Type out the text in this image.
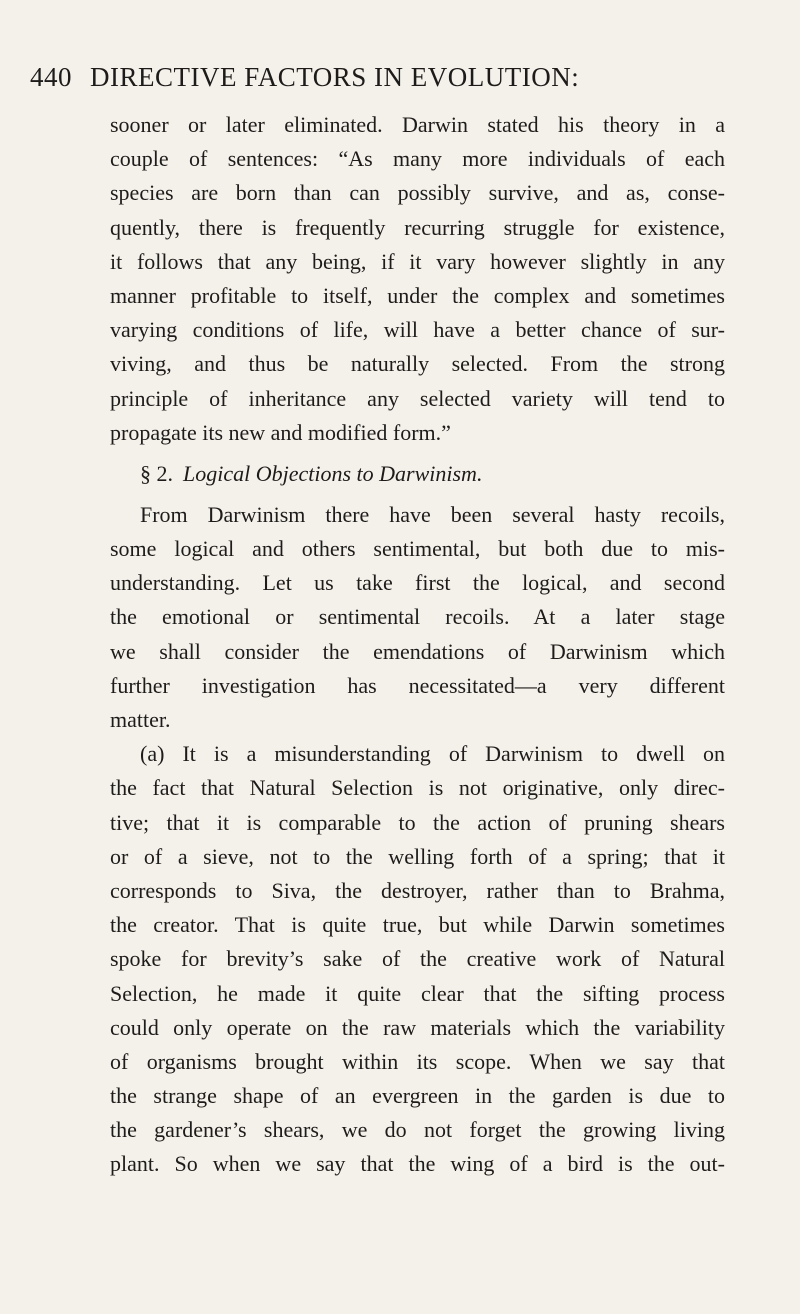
440 DIRECTIVE FACTORS IN EVOLUTION:
sooner or later eliminated. Darwin stated his theory in a
couple of sentences: “As many more individuals of each
species are born than can possibly survive, and as, conse-
quently, there is frequently recurring struggle for existence,
it follows that any being, if it vary however slightly in any
manner profitable to itself, under the complex and sometimes
varying conditions of life, will have a better chance of sur-
viving, and thus be naturally selected. From the strong
principle of inheritance any selected variety will tend to
propagate its new and modified form.”
§ 2. Logical Objections to Darwinism.
From Darwinism there have been several hasty recoils,
some logical and others sentimental, but both due to mis-
understanding. Let us take first the logical, and second
the emotional or sentimental recoils. At a later stage
we shall consider the emendations of Darwinism which
further investigation has necessitated—a very different
matter.
(a) It is a misunderstanding of Darwinism to dwell on
the fact that Natural Selection is not originative, only direc-
tive; that it is comparable to the action of pruning shears
or of a sieve, not to the welling forth of a spring; that it
corresponds to Siva, the destroyer, rather than to Brahma,
the creator. That is quite true, but while Darwin sometimes
spoke for brevity’s sake of the creative work of Natural
Selection, he made it quite clear that the sifting process
could only operate on the raw materials which the variability
of organisms brought within its scope. When we say that
the strange shape of an evergreen in the garden is due to
the gardener’s shears, we do not forget the growing living
plant. So when we say that the wing of a bird is the out-
